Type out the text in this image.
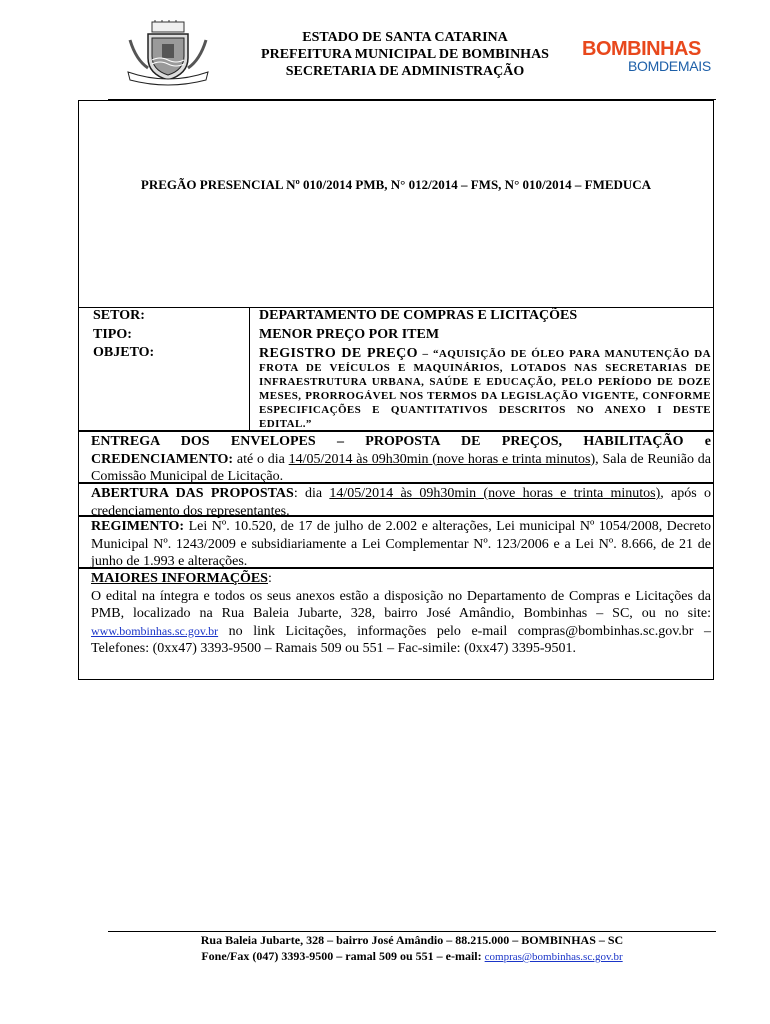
ESTADO DE SANTA CATARINA
PREFEITURA MUNICIPAL DE BOMBINHAS
SECRETARIA DE ADMINISTRAÇÃO
BOMBINHAS
BOMDEMAIS
PREGÃO PRESENCIAL Nº 010/2014 PMB, N° 012/2014 – FMS, N° 010/2014 – FMEDUCA
SETOR:	DEPARTAMENTO DE COMPRAS E LICITAÇÕES
TIPO:	MENOR PREÇO POR ITEM
OBJETO:	REGISTRO DE PREÇO – “AQUISIÇÃO DE ÓLEO PARA MANUTENÇÃO DA FROTA DE VEÍCULOS E MAQUINÁRIOS, LOTADOS NAS SECRETARIAS DE INFRAESTRUTURA URBANA, SAÚDE E EDUCAÇÃO, PELO PERÍODO DE DOZE MESES, PRORROGÁVEL NOS TERMOS DA LEGISLAÇÃO VIGENTE, CONFORME ESPECIFICAÇÕES E QUANTITATIVOS DESCRITOS NO ANEXO I DESTE EDITAL.”
ENTREGA DOS ENVELOPES – PROPOSTA DE PREÇOS, HABILITAÇÃO e CREDENCIAMENTO: até o dia 14/05/2014 às 09h30min (nove horas e trinta minutos), Sala de Reunião da Comissão Municipal de Licitação.
ABERTURA DAS PROPOSTAS: dia 14/05/2014 às 09h30min (nove horas e trinta minutos), após o credenciamento dos representantes.
REGIMENTO: Lei Nº. 10.520, de 17 de julho de 2.002 e alterações, Lei municipal Nº 1054/2008, Decreto Municipal Nº. 1243/2009 e subsidiariamente a Lei Complementar Nº. 123/2006 e a Lei Nº. 8.666, de 21 de junho de 1.993 e alterações.
MAIORES INFORMAÇÕES:
O edital na íntegra e todos os seus anexos estão a disposição no Departamento de Compras e Licitações da PMB, localizado na Rua Baleia Jubarte, 328, bairro José Amândio, Bombinhas – SC, ou no site: www.bombinhas.sc.gov.br no link Licitações, informações pelo e-mail compras@bombinhas.sc.gov.br – Telefones: (0xx47) 3393-9500 – Ramais 509 ou 551 – Fac-simile: (0xx47) 3395-9501.
Rua Baleia Jubarte, 328 – bairro José Amândio – 88.215.000 – BOMBINHAS – SC
Fone/Fax (047) 3393-9500 – ramal 509 ou 551 – e-mail: compras@bombinhas.sc.gov.br
